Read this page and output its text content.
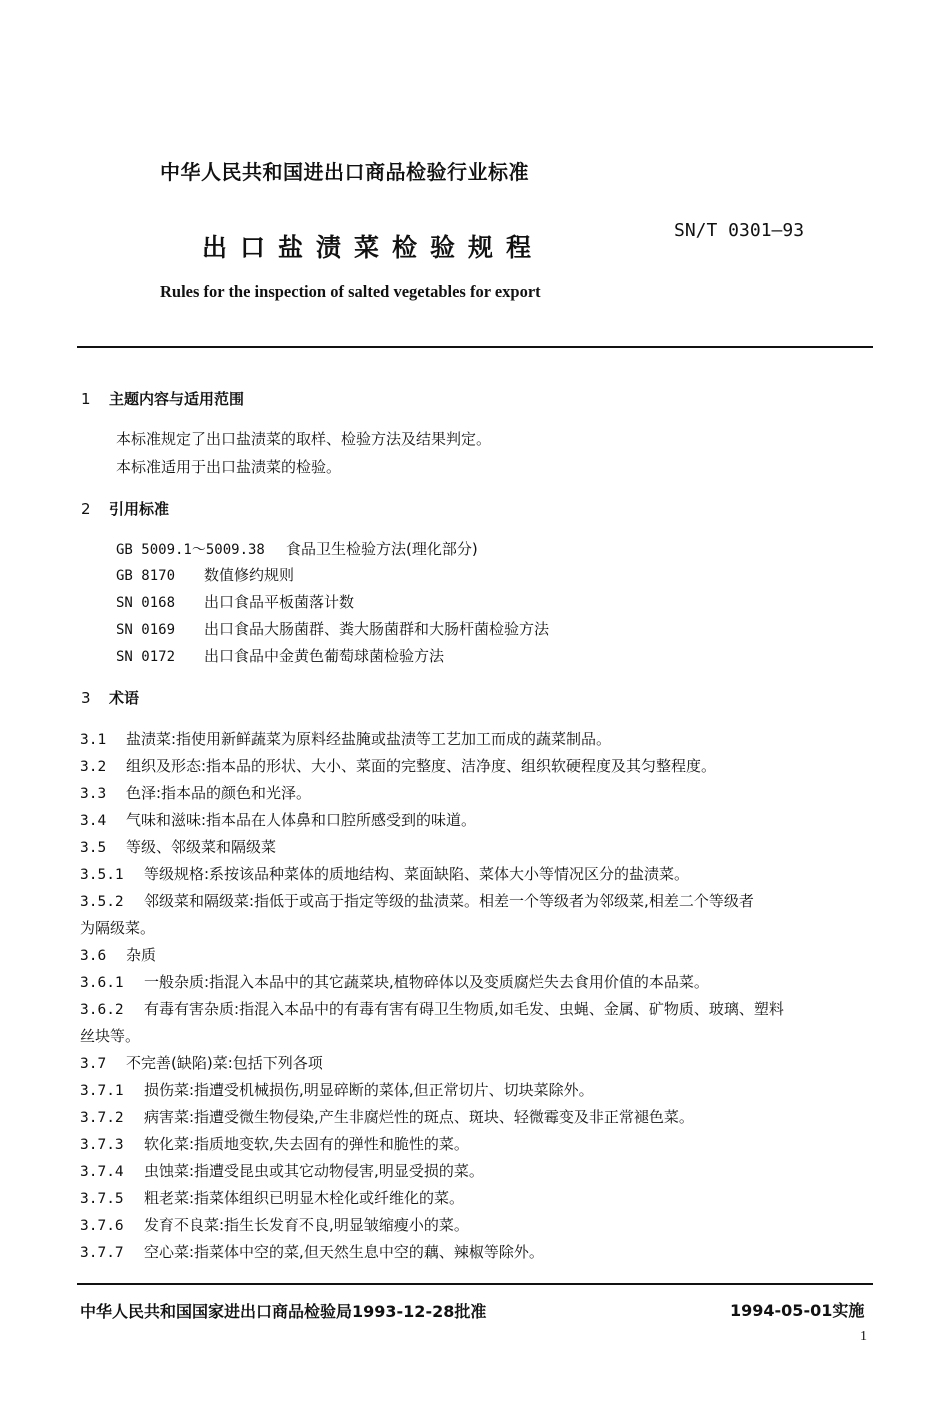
中华人民共和国进出口商品检验行业标准
出口盐渍菜检验规程
SN/T 0301—93
Rules for the inspection of salted vegetables for export
1 主题内容与适用范围
本标准规定了出口盐渍菜的取样、检验方法及结果判定。
本标准适用于出口盐渍菜的检验。
2 引用标准
GB 5009.1～5009.38 食品卫生检验方法(理化部分)
GB 8170 数值修约规则
SN 0168 出口食品平板菌落计数
SN 0169 出口食品大肠菌群、粪大肠菌群和大肠杆菌检验方法
SN 0172 出口食品中金黄色葡萄球菌检验方法
3 术语
3.1 盐渍菜:指使用新鲜蔬菜为原料经盐腌或盐渍等工艺加工而成的蔬菜制品。
3.2 组织及形态:指本品的形状、大小、菜面的完整度、洁净度、组织软硬程度及其匀整程度。
3.3 色泽:指本品的颜色和光泽。
3.4 气味和滋味:指本品在人体鼻和口腔所感受到的味道。
3.5 等级、邻级菜和隔级菜
3.5.1 等级规格:系按该品种菜体的质地结构、菜面缺陷、菜体大小等情况区分的盐渍菜。
3.5.2 邻级菜和隔级菜:指低于或高于指定等级的盐渍菜。相差一个等级者为邻级菜,相差二个等级者
为隔级菜。
3.6 杂质
3.6.1 一般杂质:指混入本品中的其它蔬菜块,植物碎体以及变质腐烂失去食用价值的本品菜。
3.6.2 有毒有害杂质:指混入本品中的有毒有害有碍卫生物质,如毛发、虫蝇、金属、矿物质、玻璃、塑料
丝块等。
3.7 不完善(缺陷)菜:包括下列各项
3.7.1 损伤菜:指遭受机械损伤,明显碎断的菜体,但正常切片、切块菜除外。
3.7.2 病害菜:指遭受微生物侵染,产生非腐烂性的斑点、斑块、轻微霉变及非正常褪色菜。
3.7.3 软化菜:指质地变软,失去固有的弹性和脆性的菜。
3.7.4 虫蚀菜:指遭受昆虫或其它动物侵害,明显受损的菜。
3.7.5 粗老菜:指菜体组织已明显木栓化或纤维化的菜。
3.7.6 发育不良菜:指生长发育不良,明显皱缩瘦小的菜。
3.7.7 空心菜:指菜体中空的菜,但天然生息中空的藕、辣椒等除外。
中华人民共和国国家进出口商品检验局1993-12-28批准	1994-05-01实施
1
